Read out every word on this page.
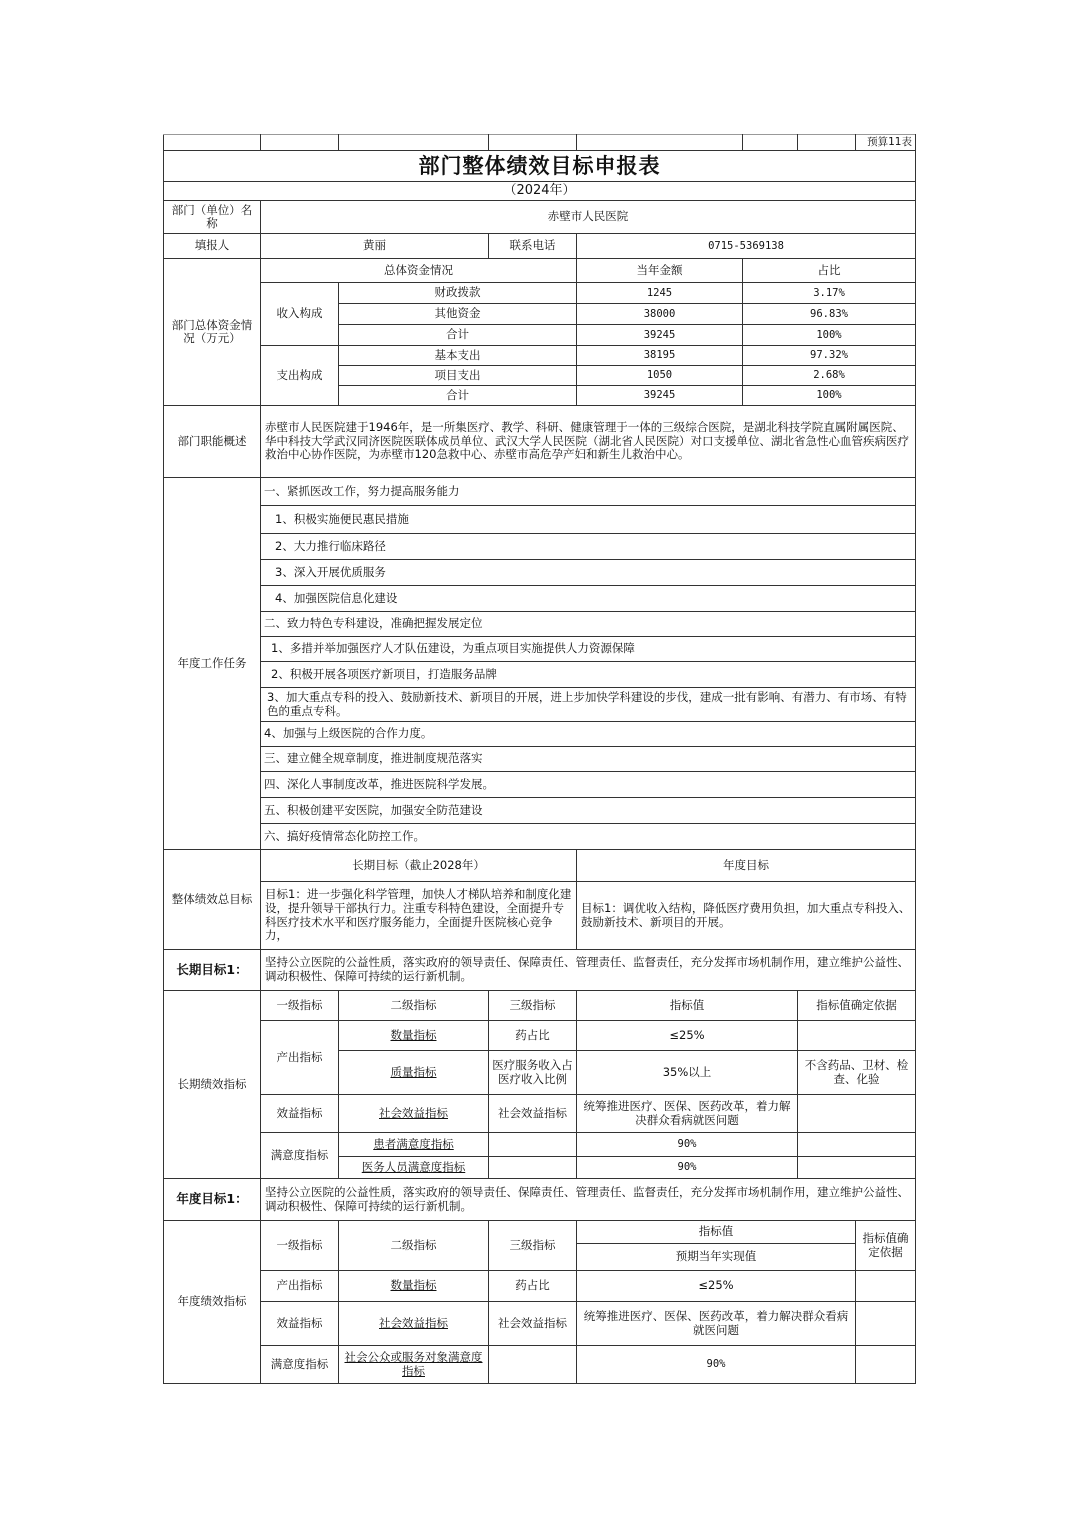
							预算11表
部门整体绩效目标申报表							
（2024年）							
部门（单位）名称	赤壁市人民医院						
填报人	黄丽		联系电话	0715-5369138			
部门总体资金情况（万元）	总体资金情况			当年金额	占比		
	收入构成	财政拨款		1245	3.17%		
		其他资金		38000	96.83%		
		合计		39245	100%		
	支出构成	基本支出		38195	97.32%		
		项目支出		1050	2.68%		
		合计		39245	100%		
部门职能概述	赤壁市人民医院建于1946年，是一所集医疗、教学、科研、健康管理于一体的三级综合医院，是湖北科技学院直属附属医院、华中科技大学武汉同济医院医联体成员单位、武汉大学人民医院（湖北省人民医院）对口支援单位、湖北省急性心血管疾病医疗救治中心协作医院，为赤壁市120急救中心、赤壁市高危孕产妇和新生儿救治中心。						
年度工作任务	一、紧抓医改工作，努力提高服务能力						
	1、积极实施便民惠民措施						
	2、大力推行临床路径						
	3、深入开展优质服务						
	4、加强医院信息化建设						
	二、致力特色专科建设，准确把握发展定位						
	1、多措并举加强医疗人才队伍建设，为重点项目实施提供人力资源保障						
	2、积极开展各项医疗新项目，打造服务品牌						
	3、加大重点专科的投入、鼓励新技术、新项目的开展，进上步加快学科建设的步伐，建成一批有影响、有潜力、有市场、有特色的重点专科。						
	4、加强与上级医院的合作力度。						
	三、建立健全规章制度，推进制度规范落实						
	四、深化人事制度改革，推进医院科学发展。						
	五、积极创建平安医院，加强安全防范建设						
	六、搞好疫情常态化防控工作。						
整体绩效总目标	长期目标（截止2028年）			年度目标			
	目标1：进一步强化科学管理，加快人才梯队培养和制度化建设，提升领导干部执行力。注重专科特色建设，全面提升专科医疗技术水平和医疗服务能力，全面提升医院核心竞争力，			目标1：调优收入结构，降低医疗费用负担，加大重点专科投入、鼓励新技术、新项目的开展。			
长期目标1：	坚持公立医院的公益性质，落实政府的领导责任、保障责任、管理责任、监督责任，充分发挥市场机制作用，建立维护公益性、调动积极性、保障可持续的运行新机制。						
长期绩效指标	一级指标	二级指标	三级指标	指标值		指标值确定依据	
	产出指标	数量指标	药占比	≤25%			
		质量指标	医疗服务收入占医疗收入比例	35%以上		不含药品、卫材、检查、化验	
	效益指标	社会效益指标	社会效益指标	统筹推进医疗、医保、医药改革，着力解决群众看病就医问题			
	满意度指标	患者满意度指标		90%			
		医务人员满意度指标		90%			
年度目标1：	坚持公立医院的公益性质，落实政府的领导责任、保障责任、管理责任、监督责任，充分发挥市场机制作用，建立维护公益性、调动积极性、保障可持续的运行新机制。						
年度绩效指标	一级指标	二级指标	三级指标	指标值			指标值确定依据
				预期当年实现值			
	产出指标	数量指标	药占比	≤25%			
	效益指标	社会效益指标	社会效益指标	统筹推进医疗、医保、医药改革，着力解决群众看病就医问题			
	满意度指标	社会公众或服务对象满意度指标		90%			
